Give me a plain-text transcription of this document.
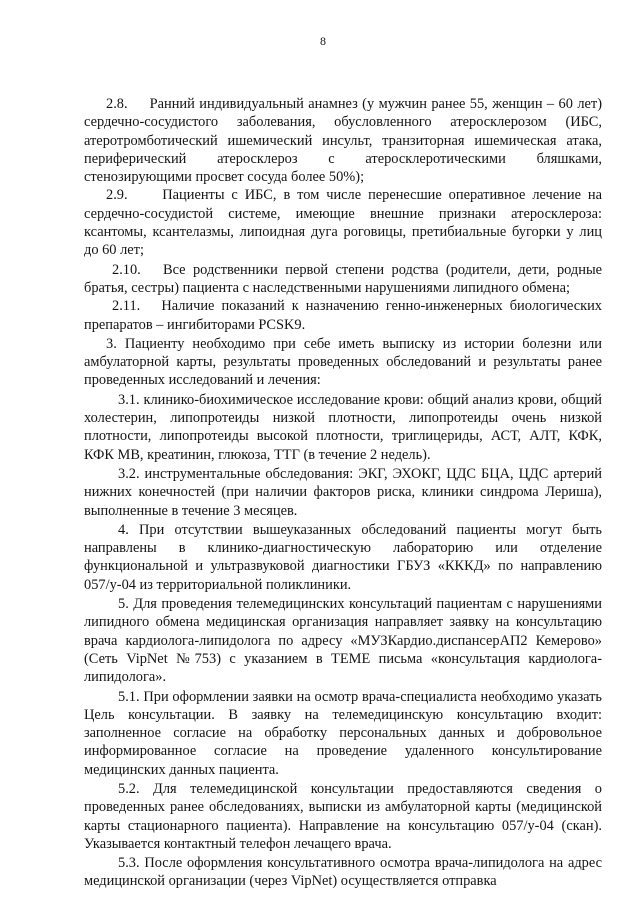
8

2.8.     Ранний индивидуальный анамнез (у мужчин ранее 55, женщин – 60 лет) сердечно-сосудистого заболевания, обусловленного атеросклерозом (ИБС, атеротромботический ишемический инсульт, транзиторная ишемическая атака, периферический атеросклероз с атеросклеротическими бляшками, стенозирующими просвет сосуда более 50%);

2.9.     Пациенты с ИБС, в том числе перенесшие оперативное лечение на сердечно-сосудистой системе, имеющие внешние признаки атеросклероза: ксантомы, ксантелазмы, липоидная дуга роговицы, претибиальные бугорки у лиц до 60 лет;

2.10.   Все родственники первой степени родства (родители, дети, родные братья, сестры) пациента с наследственными нарушениями липидного обмена;

2.11.   Наличие показаний к назначению генно-инженерных биологических препаратов – ингибиторами PCSK9.

3. Пациенту необходимо при себе иметь выписку из истории болезни или амбулаторной карты, результаты проведенных обследований и результаты ранее проведенных исследований и лечения:

3.1. клинико-биохимическое исследование крови: общий анализ крови, общий холестерин, липопротеиды низкой плотности, липопротеиды очень низкой плотности, липопротеиды высокой плотности, триглицериды, АСТ, АЛТ, КФК, КФК МВ, креатинин, глюкоза, ТТГ (в течение 2 недель).

3.2. инструментальные обследования: ЭКГ, ЭХОКГ, ЦДС БЦА, ЦДС артерий нижних конечностей (при наличии факторов риска, клиники синдрома Лериша), выполненные в течение 3 месяцев.

4. При отсутствии вышеуказанных обследований пациенты могут быть направлены в клинико-диагностическую лабораторию или отделение функциональной и ультразвуковой диагностики ГБУЗ «КККД» по направлению 057/у-04 из территориальной поликлиники.

5. Для проведения телемедицинских консультаций пациентам с нарушениями липидного обмена медицинская организация направляет заявку на консультацию врача кардиолога-липидолога по адресу «МУЗКардио.диспансерАП2 Кемерово» (Сеть VipNet №753) с указанием в ТЕМЕ письма «консультация кардиолога-липидолога».

5.1. При оформлении заявки на осмотр врача-специалиста необходимо указать Цель консультации. В заявку на телемедицинскую консультацию входит: заполненное согласие на обработку персональных данных и добровольное информированное согласие на проведение удаленного консультирование медицинских данных пациента.

5.2. Для телемедицинской консультации предоставляются сведения о проведенных ранее обследованиях, выписки из амбулаторной карты (медицинской карты стационарного пациента). Направление на консультацию 057/у-04 (скан). Указывается контактный телефон лечащего врача.

5.3. После оформления консультативного осмотра врача-липидолога на адрес медицинской организации (через VipNet) осуществляется отправка
